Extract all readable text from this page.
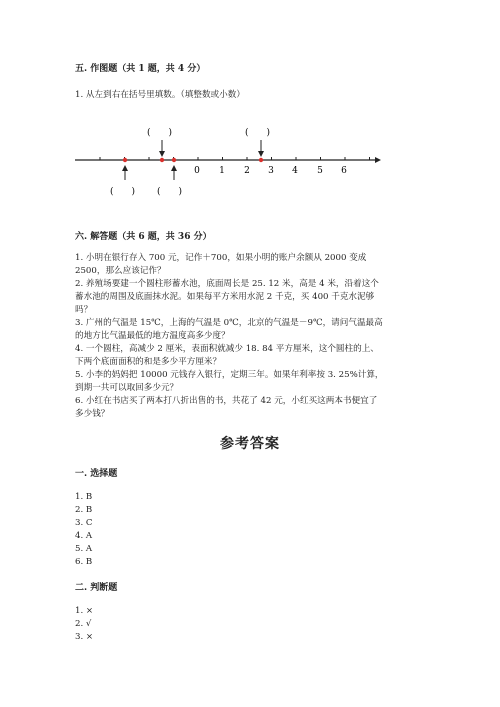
五. 作图题（共 1 题，共 4 分）
1. 从左到右在括号里填数。（填整数或小数）
(　　)	(　　)
0 1 2 3 4 5 6
(　　) (　　)
六. 解答题（共 6 题，共 36 分）
1. 小明在银行存入 700 元，记作＋700，如果小明的账户余额从 2000 变成
2500，那么应该记作？
2. 养殖场要建一个圆柱形蓄水池，底面周长是 25. 12 米，高是 4 米，沿着这个
蓄水池的周围及底面抹水泥。如果每平方米用水泥 2 千克，买 400 千克水泥够
吗？
3. 广州的气温是 15℃，上海的气温是 0℃，北京的气温是－9℃，请问气温最高
的地方比气温最低的地方温度高多少度？
4. 一个圆柱，高减少 2 厘米，表面积就减少 18. 84 平方厘米，这个圆柱的上、
下两个底面面积的和是多少平方厘米？
5. 小李的妈妈把 10000 元钱存入银行，定期三年。如果年利率按 3. 25%计算，
到期一共可以取回多少元？
6. 小红在书店买了两本打八折出售的书，共花了 42 元，小红买这两本书便宜了
多少钱？
参考答案
一. 选择题
1. B
2. B
3. C
4. A
5. A
6. B
二. 判断题
1. ×
2. √
3. ×
